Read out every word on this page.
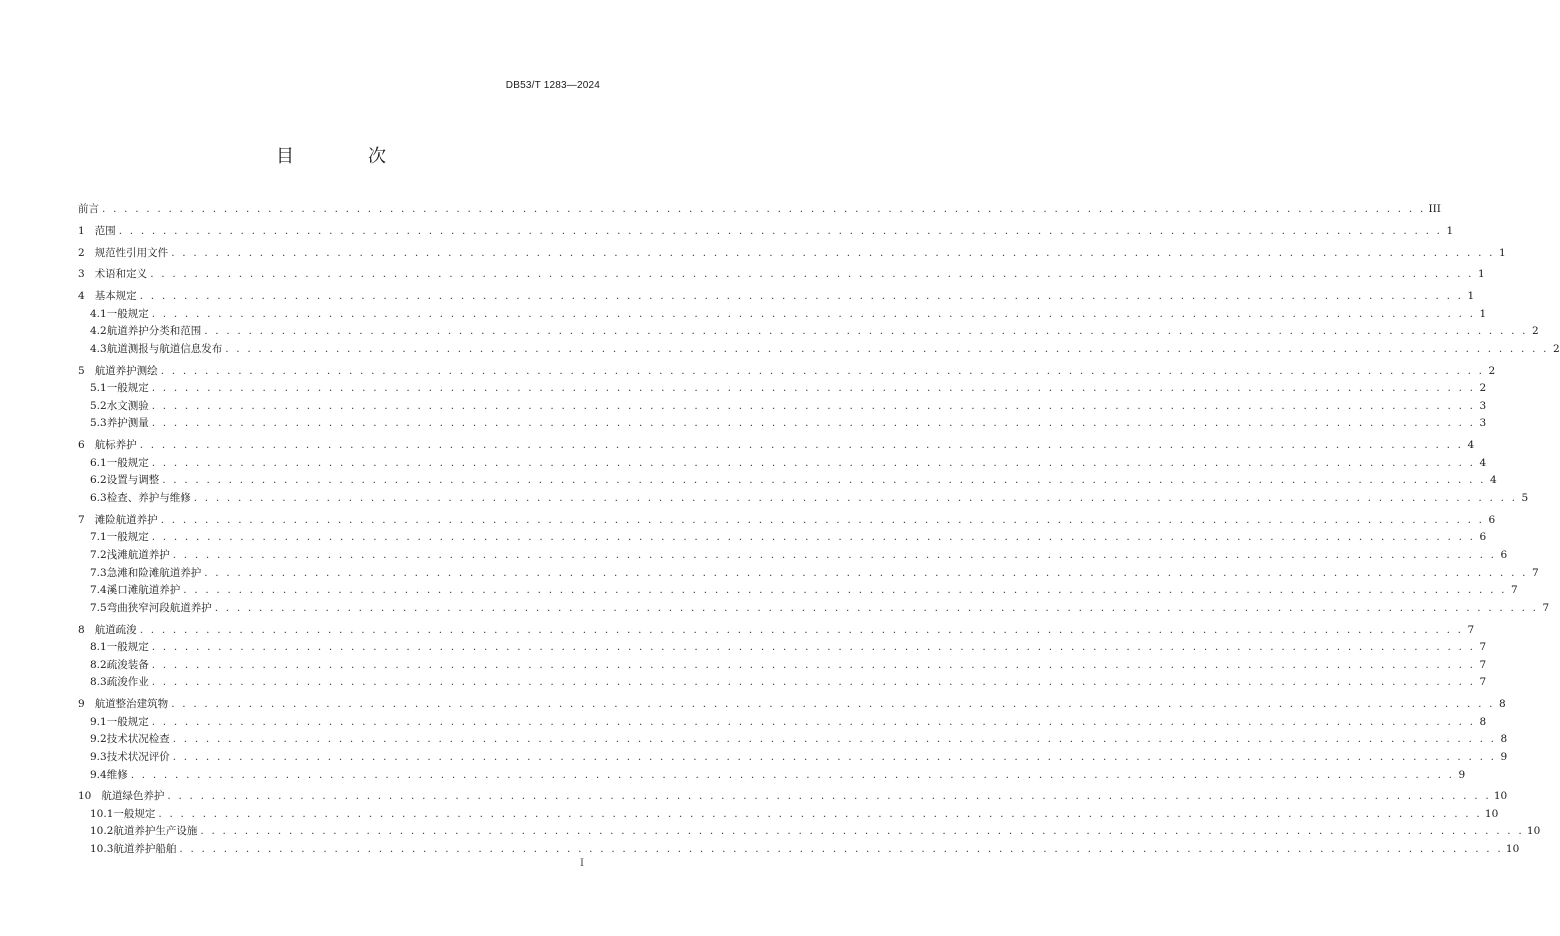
DB53/T 1283—2024
目　次
前言 . . . . . . . . . . . . . . . . . . . . . . . . . . . . . . . . . . . . . . . . . . . . . . . . . . . . . . . . . . . . . . . . . . . . . . . . . . . . . . . . . . . . . . . . . . . . . . . . . . . . . . . . . . . . . . . . . . . . . . . . III
1 范围 . . . . . . . . . . . . . . . . . . . . . . . . . . . . . . . . . . . . . . . . . . . . . . . . . . . . . . . . . . . . . . . . . . . . . . . . . . . . . . . . . . . . . . . . . . . . . . . . . . . . . . . . . . . . . . . . . . . . . . . . 1
2 规范性引用文件 . . . . . . . . . . . . . . . . . . . . . . . . . . . . . . . . . . . . . . . . . . . . . . . . . . . . . . . . . . . . . . . . . . . . . . . . . . . . . . . . . . . . . . . . . . . . . . . . . . . . . . . . . . . . . . . . . . . . . . . . 1
3 术语和定义 . . . . . . . . . . . . . . . . . . . . . . . . . . . . . . . . . . . . . . . . . . . . . . . . . . . . . . . . . . . . . . . . . . . . . . . . . . . . . . . . . . . . . . . . . . . . . . . . . . . . . . . . . . . . . . . . . . . . . . . . 1
4 基本规定 . . . . . . . . . . . . . . . . . . . . . . . . . . . . . . . . . . . . . . . . . . . . . . . . . . . . . . . . . . . . . . . . . . . . . . . . . . . . . . . . . . . . . . . . . . . . . . . . . . . . . . . . . . . . . . . . . . . . . . . . 1
4.1 一般规定 . . . . . . . . . . . . . . . . . . . . . . . . . . . . . . . . . . . . . . . . . . . . . . . . . . . . . . . . . . . . . . . . . . . . . . . . . . . . . . . . . . . . . . . . . . . . . . . . . . . . . . . . . . . . . . . . . . . . . . . . 1
4.2 航道养护分类和范围 . . . . . . . . . . . . . . . . . . . . . . . . . . . . . . . . . . . . . . . . . . . . . . . . . . . . . . . . . . . . . . . . . . . . . . . . . . . . . . . . . . . . . . . . . . . . . . . . . . . . . . . . . . . . . . . . . . . . . . . . 2
4.3 航道测报与航道信息发布 . . . . . . . . . . . . . . . . . . . . . . . . . . . . . . . . . . . . . . . . . . . . . . . . . . . . . . . . . . . . . . . . . . . . . . . . . . . . . . . . . . . . . . . . . . . . . . . . . . . . . . . . . . . . . . . . . . . . . . . . 2
5 航道养护测绘 . . . . . . . . . . . . . . . . . . . . . . . . . . . . . . . . . . . . . . . . . . . . . . . . . . . . . . . . . . . . . . . . . . . . . . . . . . . . . . . . . . . . . . . . . . . . . . . . . . . . . . . . . . . . . . . . . . . . . . . . 2
5.1 一般规定 . . . . . . . . . . . . . . . . . . . . . . . . . . . . . . . . . . . . . . . . . . . . . . . . . . . . . . . . . . . . . . . . . . . . . . . . . . . . . . . . . . . . . . . . . . . . . . . . . . . . . . . . . . . . . . . . . . . . . . . . 2
5.2 水文测验 . . . . . . . . . . . . . . . . . . . . . . . . . . . . . . . . . . . . . . . . . . . . . . . . . . . . . . . . . . . . . . . . . . . . . . . . . . . . . . . . . . . . . . . . . . . . . . . . . . . . . . . . . . . . . . . . . . . . . . . . 3
5.3 养护测量 . . . . . . . . . . . . . . . . . . . . . . . . . . . . . . . . . . . . . . . . . . . . . . . . . . . . . . . . . . . . . . . . . . . . . . . . . . . . . . . . . . . . . . . . . . . . . . . . . . . . . . . . . . . . . . . . . . . . . . . . 3
6 航标养护 . . . . . . . . . . . . . . . . . . . . . . . . . . . . . . . . . . . . . . . . . . . . . . . . . . . . . . . . . . . . . . . . . . . . . . . . . . . . . . . . . . . . . . . . . . . . . . . . . . . . . . . . . . . . . . . . . . . . . . . . 4
6.1 一般规定 . . . . . . . . . . . . . . . . . . . . . . . . . . . . . . . . . . . . . . . . . . . . . . . . . . . . . . . . . . . . . . . . . . . . . . . . . . . . . . . . . . . . . . . . . . . . . . . . . . . . . . . . . . . . . . . . . . . . . . . . 4
6.2 设置与调整 . . . . . . . . . . . . . . . . . . . . . . . . . . . . . . . . . . . . . . . . . . . . . . . . . . . . . . . . . . . . . . . . . . . . . . . . . . . . . . . . . . . . . . . . . . . . . . . . . . . . . . . . . . . . . . . . . . . . . . . . 4
6.3 检查、养护与维修 . . . . . . . . . . . . . . . . . . . . . . . . . . . . . . . . . . . . . . . . . . . . . . . . . . . . . . . . . . . . . . . . . . . . . . . . . . . . . . . . . . . . . . . . . . . . . . . . . . . . . . . . . . . . . . . . . . . . . . . . 5
7 滩险航道养护 . . . . . . . . . . . . . . . . . . . . . . . . . . . . . . . . . . . . . . . . . . . . . . . . . . . . . . . . . . . . . . . . . . . . . . . . . . . . . . . . . . . . . . . . . . . . . . . . . . . . . . . . . . . . . . . . . . . . . . . . 6
7.1 一般规定 . . . . . . . . . . . . . . . . . . . . . . . . . . . . . . . . . . . . . . . . . . . . . . . . . . . . . . . . . . . . . . . . . . . . . . . . . . . . . . . . . . . . . . . . . . . . . . . . . . . . . . . . . . . . . . . . . . . . . . . . 6
7.2 浅滩航道养护 . . . . . . . . . . . . . . . . . . . . . . . . . . . . . . . . . . . . . . . . . . . . . . . . . . . . . . . . . . . . . . . . . . . . . . . . . . . . . . . . . . . . . . . . . . . . . . . . . . . . . . . . . . . . . . . . . . . . . . . . 6
7.3 急滩和险滩航道养护 . . . . . . . . . . . . . . . . . . . . . . . . . . . . . . . . . . . . . . . . . . . . . . . . . . . . . . . . . . . . . . . . . . . . . . . . . . . . . . . . . . . . . . . . . . . . . . . . . . . . . . . . . . . . . . . . . . . . . . . . 7
7.4 溪口滩航道养护 . . . . . . . . . . . . . . . . . . . . . . . . . . . . . . . . . . . . . . . . . . . . . . . . . . . . . . . . . . . . . . . . . . . . . . . . . . . . . . . . . . . . . . . . . . . . . . . . . . . . . . . . . . . . . . . . . . . . . . . . 7
7.5 弯曲狭窄河段航道养护 . . . . . . . . . . . . . . . . . . . . . . . . . . . . . . . . . . . . . . . . . . . . . . . . . . . . . . . . . . . . . . . . . . . . . . . . . . . . . . . . . . . . . . . . . . . . . . . . . . . . . . . . . . . . . . . . . . . . . . . . 7
8 航道疏浚 . . . . . . . . . . . . . . . . . . . . . . . . . . . . . . . . . . . . . . . . . . . . . . . . . . . . . . . . . . . . . . . . . . . . . . . . . . . . . . . . . . . . . . . . . . . . . . . . . . . . . . . . . . . . . . . . . . . . . . . . 7
8.1 一般规定 . . . . . . . . . . . . . . . . . . . . . . . . . . . . . . . . . . . . . . . . . . . . . . . . . . . . . . . . . . . . . . . . . . . . . . . . . . . . . . . . . . . . . . . . . . . . . . . . . . . . . . . . . . . . . . . . . . . . . . . . 7
8.2 疏浚装备 . . . . . . . . . . . . . . . . . . . . . . . . . . . . . . . . . . . . . . . . . . . . . . . . . . . . . . . . . . . . . . . . . . . . . . . . . . . . . . . . . . . . . . . . . . . . . . . . . . . . . . . . . . . . . . . . . . . . . . . . 7
8.3 疏浚作业 . . . . . . . . . . . . . . . . . . . . . . . . . . . . . . . . . . . . . . . . . . . . . . . . . . . . . . . . . . . . . . . . . . . . . . . . . . . . . . . . . . . . . . . . . . . . . . . . . . . . . . . . . . . . . . . . . . . . . . . . 7
9 航道整治建筑物 . . . . . . . . . . . . . . . . . . . . . . . . . . . . . . . . . . . . . . . . . . . . . . . . . . . . . . . . . . . . . . . . . . . . . . . . . . . . . . . . . . . . . . . . . . . . . . . . . . . . . . . . . . . . . . . . . . . . . . . . 8
9.1 一般规定 . . . . . . . . . . . . . . . . . . . . . . . . . . . . . . . . . . . . . . . . . . . . . . . . . . . . . . . . . . . . . . . . . . . . . . . . . . . . . . . . . . . . . . . . . . . . . . . . . . . . . . . . . . . . . . . . . . . . . . . . 8
9.2 技术状况检查 . . . . . . . . . . . . . . . . . . . . . . . . . . . . . . . . . . . . . . . . . . . . . . . . . . . . . . . . . . . . . . . . . . . . . . . . . . . . . . . . . . . . . . . . . . . . . . . . . . . . . . . . . . . . . . . . . . . . . . . . 8
9.3 技术状况评价 . . . . . . . . . . . . . . . . . . . . . . . . . . . . . . . . . . . . . . . . . . . . . . . . . . . . . . . . . . . . . . . . . . . . . . . . . . . . . . . . . . . . . . . . . . . . . . . . . . . . . . . . . . . . . . . . . . . . . . . . 9
9.4 维修 . . . . . . . . . . . . . . . . . . . . . . . . . . . . . . . . . . . . . . . . . . . . . . . . . . . . . . . . . . . . . . . . . . . . . . . . . . . . . . . . . . . . . . . . . . . . . . . . . . . . . . . . . . . . . . . . . . . . . . . . 9
10 航道绿色养护 . . . . . . . . . . . . . . . . . . . . . . . . . . . . . . . . . . . . . . . . . . . . . . . . . . . . . . . . . . . . . . . . . . . . . . . . . . . . . . . . . . . . . . . . . . . . . . . . . . . . . . . . . . . . . . . . . . . . . . . . 10
10.1 一般规定 . . . . . . . . . . . . . . . . . . . . . . . . . . . . . . . . . . . . . . . . . . . . . . . . . . . . . . . . . . . . . . . . . . . . . . . . . . . . . . . . . . . . . . . . . . . . . . . . . . . . . . . . . . . . . . . . . . . . . . . . 10
10.2 航道养护生产设施 . . . . . . . . . . . . . . . . . . . . . . . . . . . . . . . . . . . . . . . . . . . . . . . . . . . . . . . . . . . . . . . . . . . . . . . . . . . . . . . . . . . . . . . . . . . . . . . . . . . . . . . . . . . . . . . . . . . . . . . . 10
10.3 航道养护船舶 . . . . . . . . . . . . . . . . . . . . . . . . . . . . . . . . . . . . . . . . . . . . . . . . . . . . . . . . . . . . . . . . . . . . . . . . . . . . . . . . . . . . . . . . . . . . . . . . . . . . . . . . . . . . . . . . . . . . . . . . 10
I
